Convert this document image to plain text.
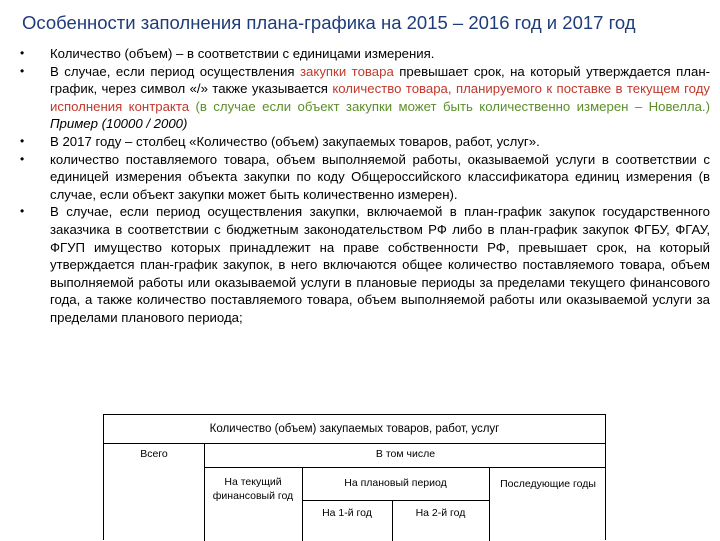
Особенности заполнения плана-графика на 2015 – 2016 год и 2017 год
• Количество (объем) – в соответствии с единицами измерения.
• В случае, если период осуществления закупки товара превышает срок, на который утверждается план-график, через символ «/» также указывается количество товара, планируемого к поставке в текущем году исполнения контракта (в случае если объект закупки может быть количественно измерен – Новелла.) Пример (10000 / 2000)
• В 2017 году – столбец «Количество (объем) закупаемых товаров, работ, услуг».
• количество поставляемого товара, объем выполняемой работы, оказываемой услуги в соответствии с единицей измерения объекта закупки по коду Общероссийского классификатора единиц измерения (в случае, если объект закупки может быть количественно измерен).
• В случае, если период осуществления закупки, включаемой в план-график закупок государственного заказчика в соответствии с бюджетным законодательством РФ либо в план-график закупок ФГБУ, ФГАУ, ФГУП имущество которых принадлежит на праве собственности РФ, превышает срок, на который утверждается план-график закупок, в него включаются общее количество поставляемого товара, объем выполняемой работы или оказываемой услуги в плановые периоды за пределами текущего финансового года, а также количество поставляемого товара, объем выполняемой работы или оказываемой услуги за пределами планового периода;
Количество (объем) закупаемых товаров, работ, услуг
Всего	В том числе
На текущий финансовый год
На плановый период
На 1-й год	На 2-й год
Последующие годы
